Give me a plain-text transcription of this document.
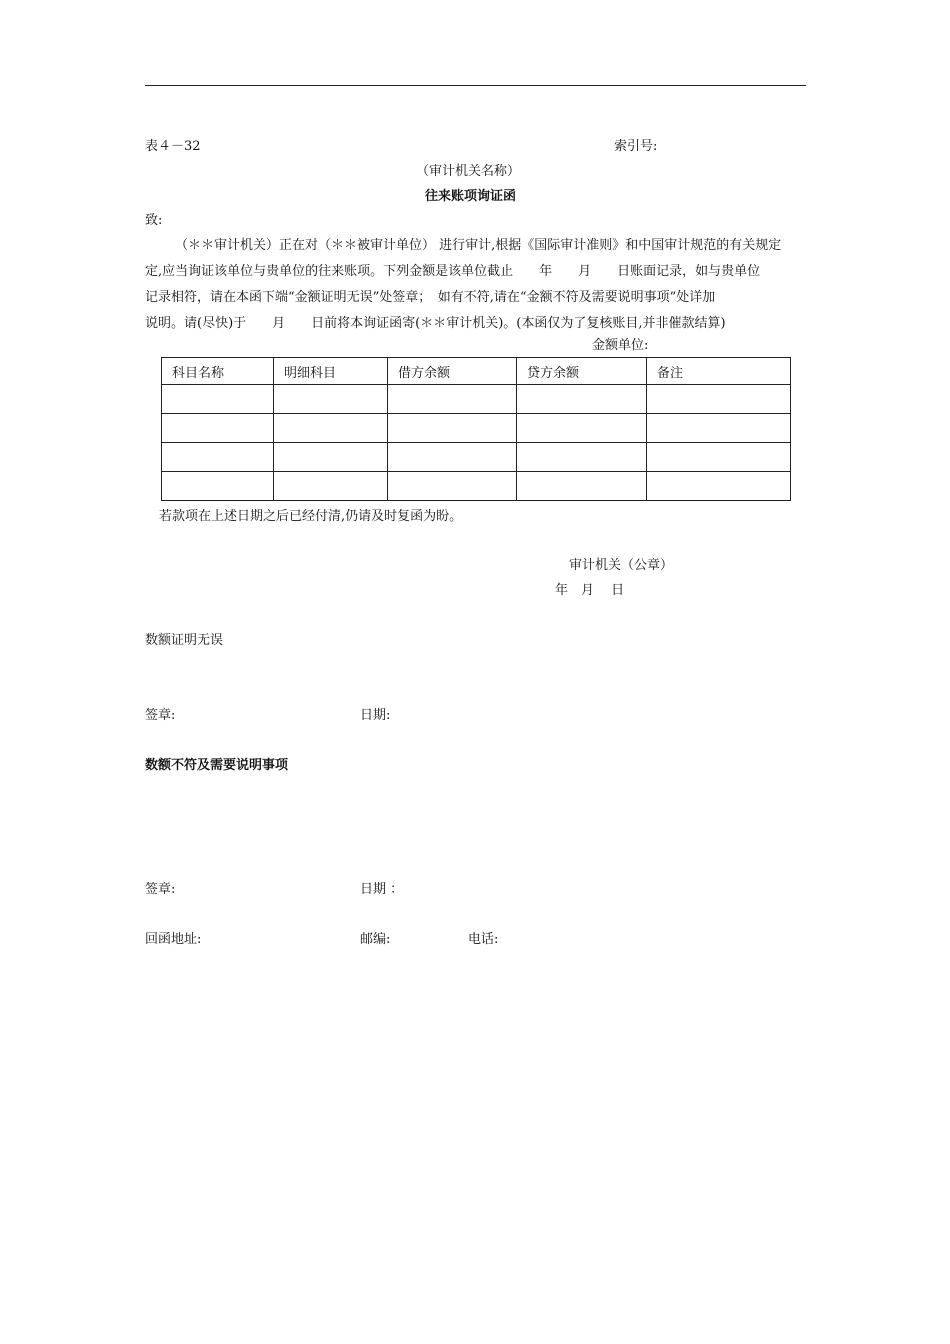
表４－32	索引号:
（审计机关名称）
往来账项询证函
致:
（＊＊审计机关）正在对（＊＊被审计单位） 进行审计,根据《国际审计准则》和中国审计规范的有关规定
定,应当询证该单位与贵单位的往来账项。下列金额是该单位截止　　年　　月　　日账面记录，如与贵单位
记录相符，请在本函下端“金额证明无误”处签章；　如有不符,请在“金额不符及需要说明事项”处详加
说明。请(尽快)于　　月　　日前将本询证函寄(＊＊审计机关)。(本函仅为了复核账目,并非催款结算)
金额单位:
科目名称	明细科目	借方余额	贷方余额	备注

若款项在上述日期之后已经付清,仍请及时复函为盼。
审计机关（公章）
年　月　 日
数额证明无误
签章:	日期:
数额不符及需要说明事项
签章:	日期 ：
回函地址:	邮编:	电话:
